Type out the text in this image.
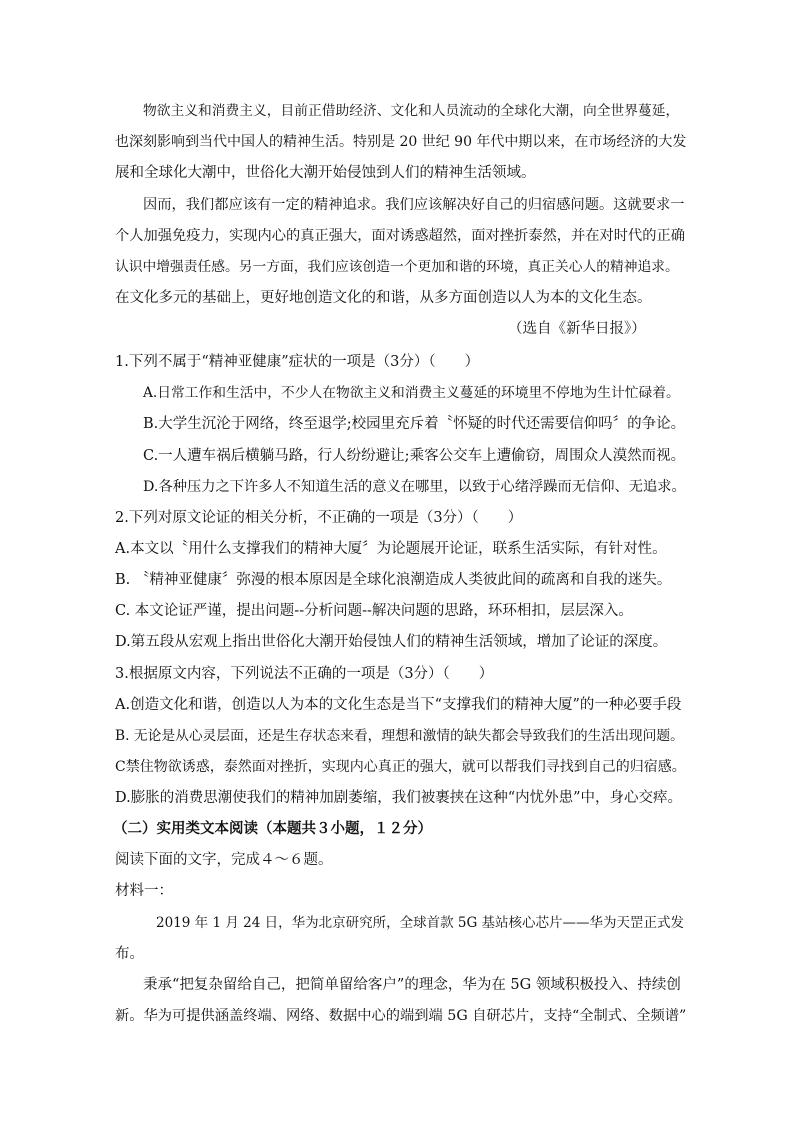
物欲主义和消费主义，目前正借助经济、文化和人员流动的全球化大潮，向全世界蔓延，
也深刻影响到当代中国人的精神生活。特别是 20 世纪 90 年代中期以来，在市场经济的大发
展和全球化大潮中，世俗化大潮开始侵蚀到人们的精神生活领域。
因而，我们都应该有一定的精神追求。我们应该解决好自己的归宿感问题。这就要求一
个人加强免疫力，实现内心的真正强大，面对诱惑超然，面对挫折泰然，并在对时代的正确
认识中增强责任感。另一方面，我们应该创造一个更加和谐的环境，真正关心人的精神追求。
在文化多元的基础上，更好地创造文化的和谐，从多方面创造以人为本的文化生态。
（选自《新华日报》）
1.下列不属于“精神亚健康”症状的一项是（3分）（　　）
A.日常工作和生活中，不少人在物欲主义和消费主义蔓延的环境里不停地为生计忙碌着。
B.大学生沉沦于网络，终至退学;校园里充斥着〝怀疑的时代还需要信仰吗〞的争论。
C.一人遭车祸后横躺马路，行人纷纷避让;乘客公交车上遭偷窃，周围众人漠然而视。
D.各种压力之下许多人不知道生活的意义在哪里，以致于心绪浮躁而无信仰、无追求。
2.下列对原文论证的相关分析，不正确的一项是（3分）（　　）
A.本文以〝用什么支撑我们的精神大厦〞为论题展开论证，联系生活实际，有针对性。
B. 〝精神亚健康〞弥漫的根本原因是全球化浪潮造成人类彼此间的疏离和自我的迷失。
C. 本文论证严谨，提出问题--分析问题--解决问题的思路，环环相扣，层层深入。
D.第五段从宏观上指出世俗化大潮开始侵蚀人们的精神生活领域，增加了论证的深度。
3.根据原文内容，下列说法不正确的一项是（3分）（　　）
A.创造文化和谐，创造以人为本的文化生态是当下“支撑我们的精神大厦”的一种必要手段
B. 无论是从心灵层面，还是生存状态来看，理想和激情的缺失都会导致我们的生活出现问题。
C禁住物欲诱惑，泰然面对挫折，实现内心真正的强大，就可以帮我们寻找到自己的归宿感。
D.膨胀的消费思潮使我们的精神加剧萎缩，我们被裹挟在这种“内忧外患”中，身心交瘁。
（二）实用类文本阅读（本题共３小题，１２分）
阅读下面的文字，完成４～６题。
材料一：
2019 年 1 月 24 日，华为北京研究所，全球首款 5G 基站核心芯片——华为天罡正式发
布。
秉承“把复杂留给自己，把简单留给客户”的理念，华为在 5G 领域积极投入、持续创
新。华为可提供涵盖终端、网络、数据中心的端到端 5G 自研芯片，支持“全制式、全频谱”
